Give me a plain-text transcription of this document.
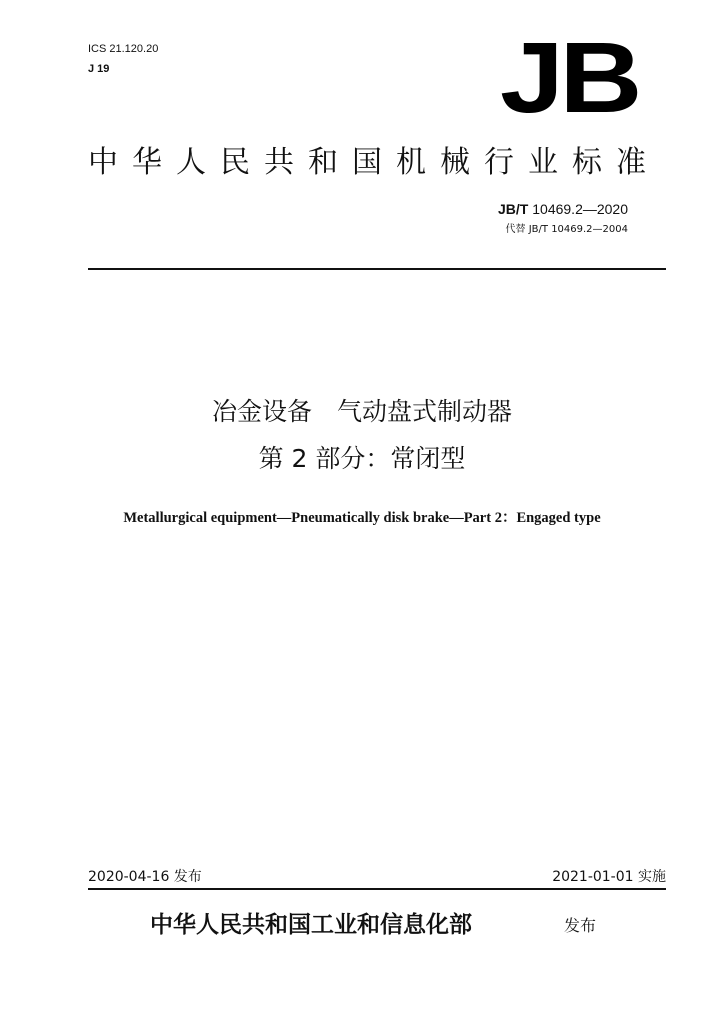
ICS 21.120.20
J 19	JB
中华人民共和国机械行业标准
JB/T 10469.2—2020
代替 JB/T 10469.2—2004
冶金设备　气动盘式制动器
第 2 部分：常闭型
Metallurgical equipment—Pneumatically disk brake—Part 2：Engaged type
2020-04-16 发布	2021-01-01 实施
中华人民共和国工业和信息化部	发布
